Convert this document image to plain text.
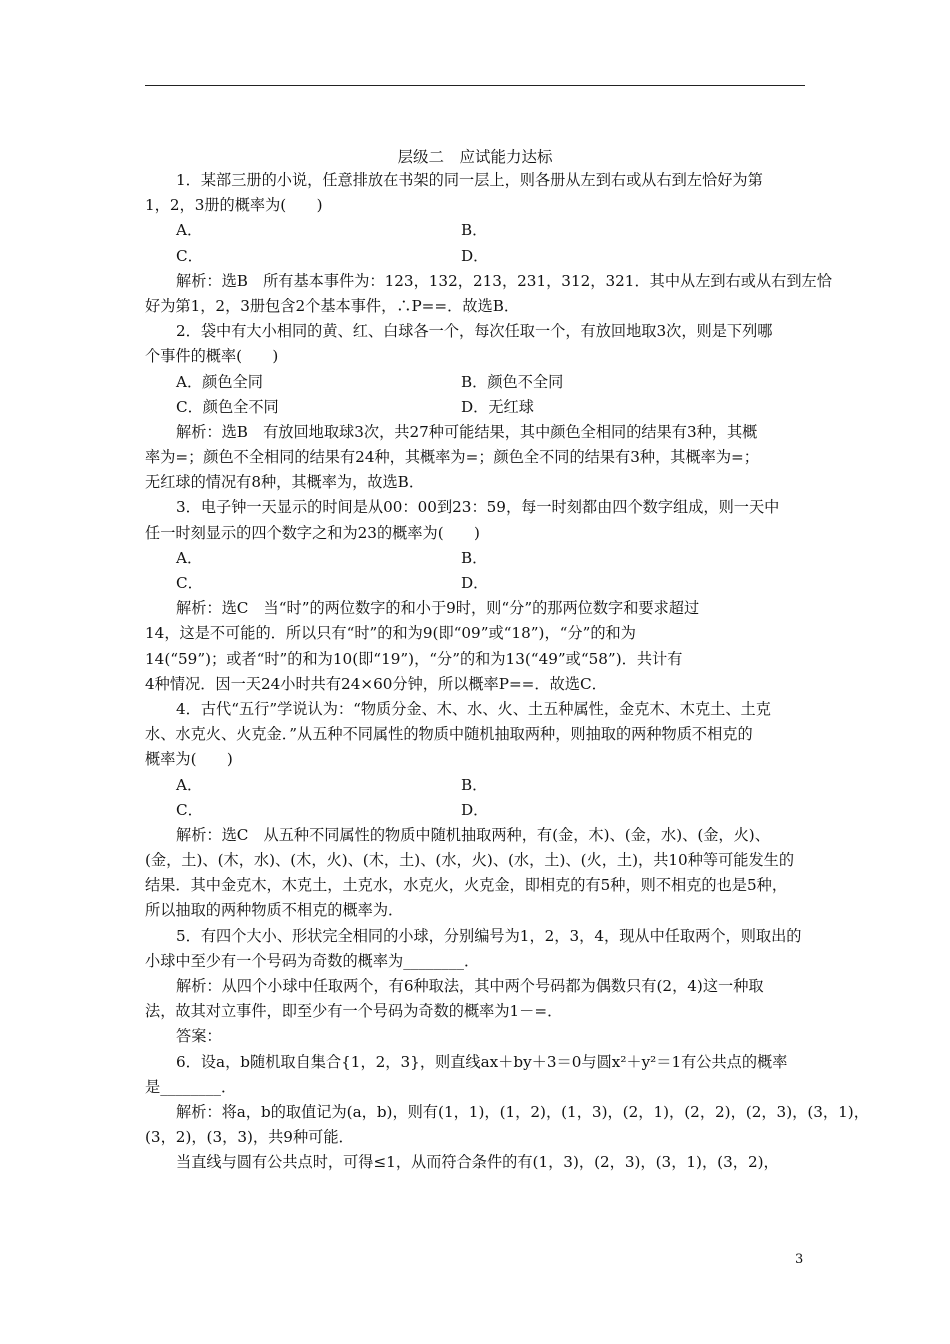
层级二　应试能力达标
1．某部三册的小说，任意排放在书架的同一层上，则各册从左到右或从右到左恰好为第
1，2，3册的概率为(　　)
A．	B．
C．	D．
解析：选B　所有基本事件为：123，132，213，231，312，321．其中从左到右或从右到左恰
好为第1，2，3册包含2个基本事件，∴P==．故选B．
2．袋中有大小相同的黄、红、白球各一个，每次任取一个，有放回地取3次，则是下列哪
个事件的概率(　　)
A．颜色全同	B．颜色不全同
C．颜色全不同	D．无红球
解析：选B　有放回地取球3次，共27种可能结果，其中颜色全相同的结果有3种，其概
率为=；颜色不全相同的结果有24种，其概率为=；颜色全不同的结果有3种，其概率为=；
无红球的情况有8种，其概率为，故选B．
3．电子钟一天显示的时间是从00：00到23：59，每一时刻都由四个数字组成，则一天中
任一时刻显示的四个数字之和为23的概率为(　　)
A．	B．
C．	D．
解析：选C　当“时”的两位数字的和小于9时，则“分”的那两位数字和要求超过
14，这是不可能的．所以只有“时”的和为9(即“09”或“18”)，“分”的和为
14(“59”)；或者“时”的和为10(即“19”)，“分”的和为13(“49”或“58”)．共计有
4种情况．因一天24小时共有24×60分钟，所以概率P==．故选C．
4．古代“五行”学说认为：“物质分金、木、水、火、土五种属性，金克木、木克土、土克
水、水克火、火克金．”从五种不同属性的物质中随机抽取两种，则抽取的两种物质不相克的
概率为(　　)
A．	B．
C．	D．
解析：选C　从五种不同属性的物质中随机抽取两种，有(金，木)、(金，水)、(金，火)、
(金，土)、(木，水)、(木，火)、(木，土)、(水，火)、(水，土)、(火，土)，共10种等可能发生的
结果．其中金克木，木克土，土克水，水克火，火克金，即相克的有5种，则不相克的也是5种，
所以抽取的两种物质不相克的概率为．
5．有四个大小、形状完全相同的小球，分别编号为1，2，3，4，现从中任取两个，则取出的
小球中至少有一个号码为奇数的概率为________．
解析：从四个小球中任取两个，有6种取法，其中两个号码都为偶数只有(2，4)这一种取
法，故其对立事件，即至少有一个号码为奇数的概率为1－=．
答案：
6．设a，b随机取自集合{1，2，3}，则直线ax＋by＋3＝0与圆x²＋y²＝1有公共点的概率
是________．
解析：将a，b的取值记为(a，b)，则有(1，1)，(1，2)，(1，3)，(2，1)，(2，2)，(2，3)，(3，1)，
(3，2)，(3，3)，共9种可能．
当直线与圆有公共点时，可得≤1，从而符合条件的有(1，3)，(2，3)，(3，1)，(3，2)，
3
